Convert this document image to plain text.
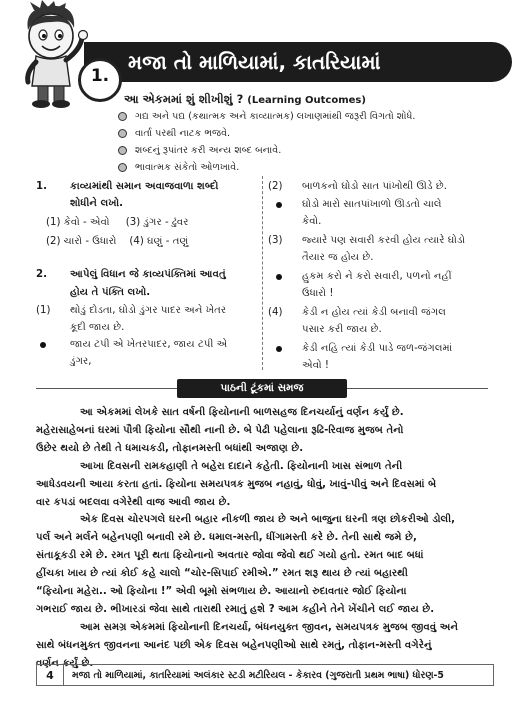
મજા તો માળિયામાં, કાતરિયામાં
1.
આ એકમમાં શું શીખીશું ? (Learning Outcomes)
ગદ્ય અને પદ્ય (કથાત્મક અને કાવ્યાત્મક) લખાણમાંથી જરૂરી વિગતો શોધે.
વાર્તા પરથી નાટક ભજવે.
શબ્દનું રૂપાંતર કરી અન્ય શબ્દ બનાવે.
ભાવાત્મક સંકેતો ઓળખાવે.
1. કાવ્યમાંથી સમાન અવાજવાળા શબ્દો
શોધીને લખો.
(1) કેવો - એવો     (3) ડુંગર - ઢુંવર
(2) ચારો - ઉધારો    (4) ઘણું - તણું
2. આપેલું વિધાન જે કાવ્યપંક્તિમાં આવતું
હોય તે પંક્તિ લખો.
(1) થોડું દોડતા, ઘોડો ડુંગર પાદર અને ખેતર
કૂદી જાય છે.
જાય ટપી એ ખેતરપાદર, જાય ટપી એ
ડુંગર,
(2) બાળકનો ઘોડો સાત પાંખોથી ઊડે છે.
ઘોડો મારો સાતપાંખાળો ઊડતો ચાલે
કેવો.
(3) જ્યારે પણ સવારી કરવી હોય ત્યારે ઘોડો
તૈયાર જ હોય છે.
હુકમ કરો ને કરો સવારી, પળનો નહીં
ઉધારો !
(4) કેડી ન હોય ત્યાં કેડી બનાવી જંગલ
પસાર કરી જાય છે.
કેડી નહિ ત્યાં કેડી પાડે જળ-જંગલમાં
એવો !
પાઠની ટૂંકમાં સમજ
આ એકમમાં લેખકે સાત વર્ષની ફિયોનાની બાળસહજ દિનચર્યાનું વર્ણન કર્યું છે.
મહેરાસાહેબનાં ઘરમાં પૌત્રી ફિયોના સૌથી નાની છે. બે પેઢી પહેલાના રૂઢિ-રિવાજ મુજબ તેનો
ઉછેર થયો છે તેથી તે ધમાચકડી, તોફાનમસ્તી બધાંથી અજાણ છે.
આખા દિવસની રામકહાણી તે બહેરા દાદાને કહેતી. ફિયોનાની ખાસ સંભાળ તેની
આધેડવયની આયા કરતા હતાં. ફિયોના સમયપત્રક મુજબ નહાવું, ધોવું, ખાવું-પીવું અને દિવસમાં બે
વાર કપડાં બદલવા વગેરેથી વાજ આવી જાય છે.
એક દિવસ ચોરપગલે ઘરની બહાર નીકળી જાય છે અને બાજુના ઘરની ત્રણ છોકરીઓ ડોલી,
પર્લ અને મર્લને બહેનપણી બનાવી રમે છે. ધમાલ-મસ્તી, ધીંગામસ્તી કરે છે. તેની સાથે જમે છે,
સંતાકૂકડી રમે છે. રમત પૂરી થતા ફિયોનાનો અવતાર જોવા જેવો થઈ ગયો હતો. રમત બાદ બધાં
હીંચકા ખાય છે ત્યાં કોઈ કહે ચાલો “ચોર-સિપાઈ રમીએ.” રમત શરૂ થાય છે ત્યાં બહારથી
“ફિયોના મહેરા.. ઓ ફિયોના !” એવી બૂમો સંભળાય છે. આયાનો રુદાવતાર જોઈ ફિયોના
ગભરાઈ જાય છે. ભીખારડાં જેવા સાથે તારાથી રમાતું હશે ? આમ કહીને તેને ખેંચીને લઈ જાય છે.
આમ સમગ્ર એકમમાં ફિયોનાની દિનચર્યા, બંધનયુક્ત જીવન, સમયપત્રક મુજબ જીવવું અને
સાથે બંધનમુક્ત જીવનના આનંદ પછી એક દિવસ બહેનપણીઓ સાથે રમતું, તોફાન-મસ્તી વગેરેનું
વર્ણન કર્યું છે.
4	મજા તો માળિયામાં, કાતરિયામાં અલંકાર સ્ટડી મટીરિયલ - કેકારવ (ગુજરાતી પ્રથમ ભાષા) ધોરણ-5
